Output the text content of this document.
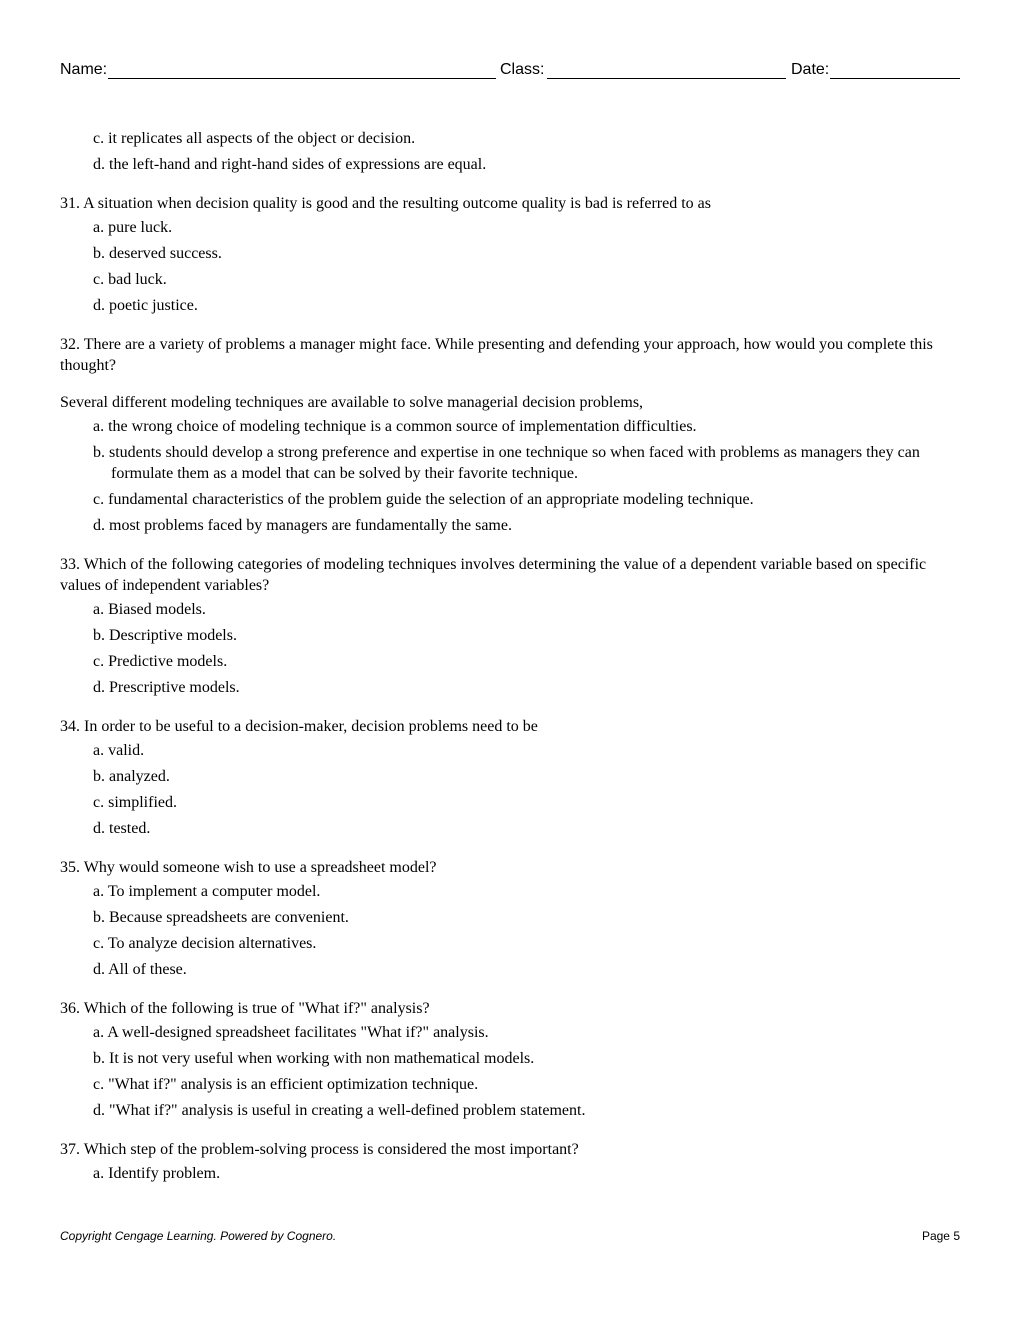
Name:	Class:	Date:
c. it replicates all aspects of the object or decision.
d. the left-hand and right-hand sides of expressions are equal.
31. A situation when decision quality is good and the resulting outcome quality is bad is referred to as
a. pure luck.
b. deserved success.
c. bad luck.
d. poetic justice.
32. There are a variety of problems a manager might face. While presenting and defending your approach, how would you complete this thought?
Several different modeling techniques are available to solve managerial decision problems,
a. the wrong choice of modeling technique is a common source of implementation difficulties.
b. students should develop a strong preference and expertise in one technique so when faced with problems as managers they can formulate them as a model that can be solved by their favorite technique.
c. fundamental characteristics of the problem guide the selection of an appropriate modeling technique.
d. most problems faced by managers are fundamentally the same.
33. Which of the following categories of modeling techniques involves determining the value of a dependent variable based on specific values of independent variables?
a. Biased models.
b. Descriptive models.
c. Predictive models.
d. Prescriptive models.
34. In order to be useful to a decision-maker, decision problems need to be
a. valid.
b. analyzed.
c. simplified.
d. tested.
35. Why would someone wish to use a spreadsheet model?
a. To implement a computer model.
b. Because spreadsheets are convenient.
c. To analyze decision alternatives.
d. All of these.
36. Which of the following is true of "What if?" analysis?
a. A well-designed spreadsheet facilitates "What if?" analysis.
b. It is not very useful when working with non mathematical models.
c. "What if?" analysis is an efficient optimization technique.
d. "What if?" analysis is useful in creating a well-defined problem statement.
37. Which step of the problem-solving process is considered the most important?
a. Identify problem.
Copyright Cengage Learning. Powered by Cognero.	Page 5
